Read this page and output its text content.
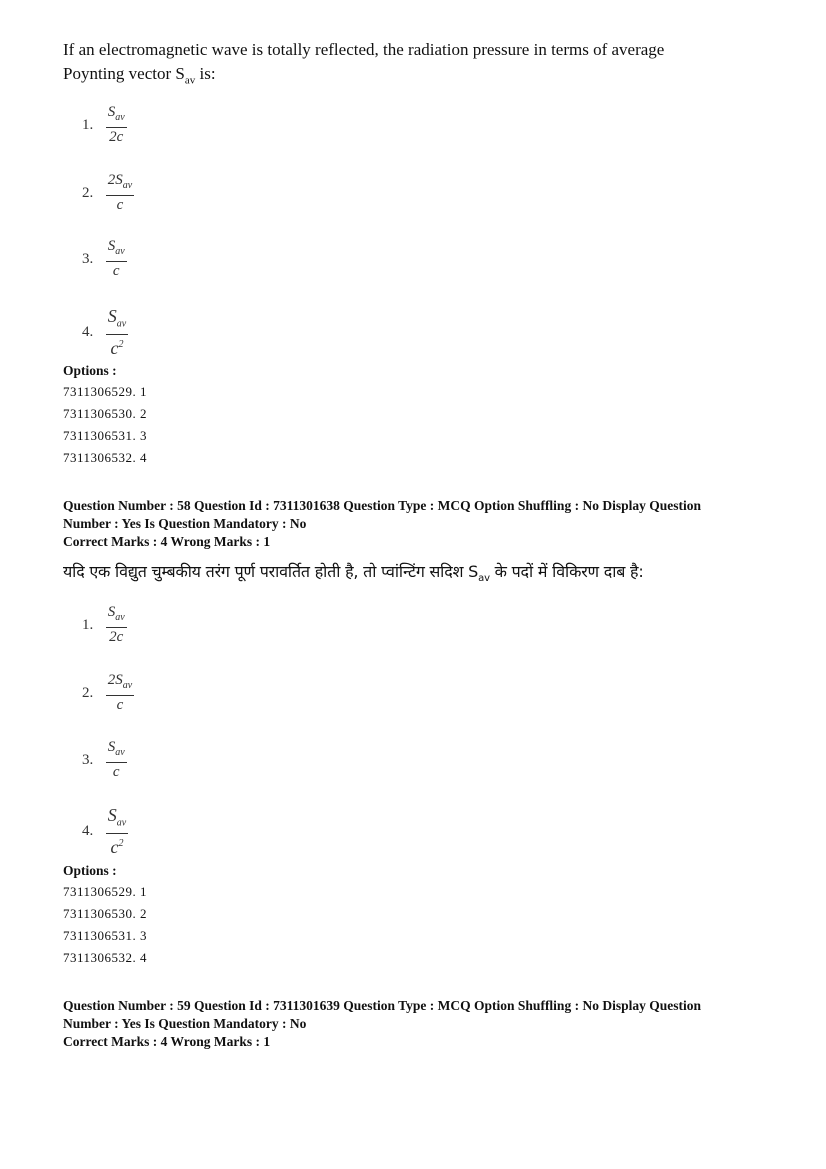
If an electromagnetic wave is totally reflected, the radiation pressure in terms of average
Poynting vector $S_{av}$ is:
1. $\frac{S_{av}}{2c}$
2. $\frac{2S_{av}}{c}$
3. $\frac{S_{av}}{c}$
4. $\frac{S_{av}}{c^2}$
Options :
7311306529. 1
7311306530. 2
7311306531. 3
7311306532. 4
Question Number : 58 Question Id : 7311301638 Question Type : MCQ Option Shuffling : No Display Question
Number : Yes Is Question Mandatory : No
Correct Marks : 4 Wrong Marks : 1
यदि एक विद्युत चुम्बकीय तरंग पूर्ण परावर्तित होती है, तो प्वांन्टिंग सदिश $S_{av}$ के पदों में विकिरण दाब है:
1. $\frac{S_{av}}{2c}$
2. $\frac{2S_{av}}{c}$
3. $\frac{S_{av}}{c}$
4. $\frac{S_{av}}{c^2}$
Options :
7311306529. 1
7311306530. 2
7311306531. 3
7311306532. 4
Question Number : 59 Question Id : 7311301639 Question Type : MCQ Option Shuffling : No Display Question
Number : Yes Is Question Mandatory : No
Correct Marks : 4 Wrong Marks : 1
